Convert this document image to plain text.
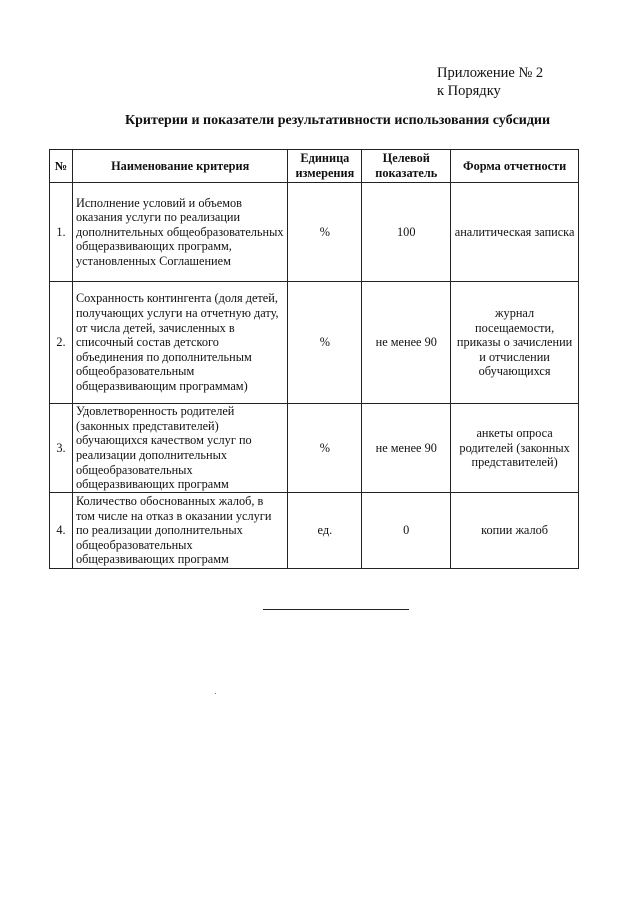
Приложение № 2
к Порядку
Критерии и показатели результативности использования субсидии
№	Наименование критерия	Единица измерения	Целевой показатель	Форма отчетности
1.	Исполнение условий и объемов оказания услуги по реализации дополнительных общеобразовательных общеразвивающих программ, установленных Соглашением	%	100	аналитическая записка
2.	Сохранность контингента (доля детей, получающих услуги на отчетную дату, от числа детей, зачисленных в списочный состав детского объединения по дополнительным общеобразовательным общеразвивающим программам)	%	не менее 90	журнал посещаемости, приказы о зачислении и отчислении обучающихся
3.	Удовлетворенность родителей (законных представителей) обучающихся качеством услуг по реализации дополнительных общеобразовательных общеразвивающих программ	%	не менее 90	анкеты опроса родителей (законных представителей)
4.	Количество обоснованных жалоб, в том числе на отказ в оказании услуги по реализации дополнительных общеобразовательных общеразвивающих программ	ед.	0	копии жалоб
